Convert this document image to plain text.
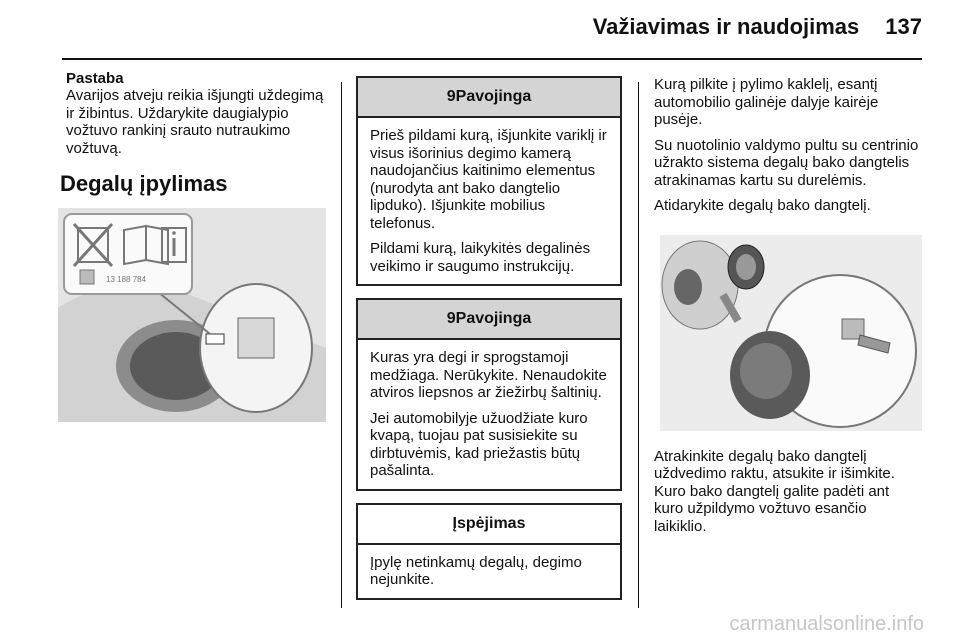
Važiavimas ir naudojimas 137
Pastaba
Avarijos atveju reikia išjungti uždegimą ir žibintus. Uždarykite daugialypio vožtuvo rankinį srauto nutraukimo vožtuvą.
Degalų įpylimas
13 188 784
9Pavojinga

Prieš pildami kurą, išjunkite variklį ir visus išorinius degimo kamerą naudojančius kaitinimo elementus (nurodyta ant bako dangtelio lipduko). Išjunkite mobilius telefonus.

Pildami kurą, laikykitės degalinės veikimo ir saugumo instrukcijų.

9Pavojinga

Kuras yra degi ir sprogstamoji medžiaga. Nerūkykite. Nenaudokite atviros liepsnos ar žiežirbų šaltinių.

Jei automobilyje užuodžiate kuro kvapą, tuojau pat susisiekite su dirbtuvėmis, kad priežastis būtų pašalinta.

Įspėjimas

Įpylę netinkamų degalų, degimo nejunkite.

Kurą pilkite į pylimo kaklelį, esantį automobilio galinėje dalyje kairėje pusėje.

Su nuotolinio valdymo pultu su centrinio užrakto sistema degalų bako dangtelis atrakinamas kartu su durelėmis.

Atidarykite degalų bako dangtelį.

Atrakinkite degalų bako dangtelį uždvedimo raktu, atsukite ir išimkite. Kuro bako dangtelį galite padėti ant kuro užpildymo vožtuvo esančio laikiklio.

carmanualsonline.info
